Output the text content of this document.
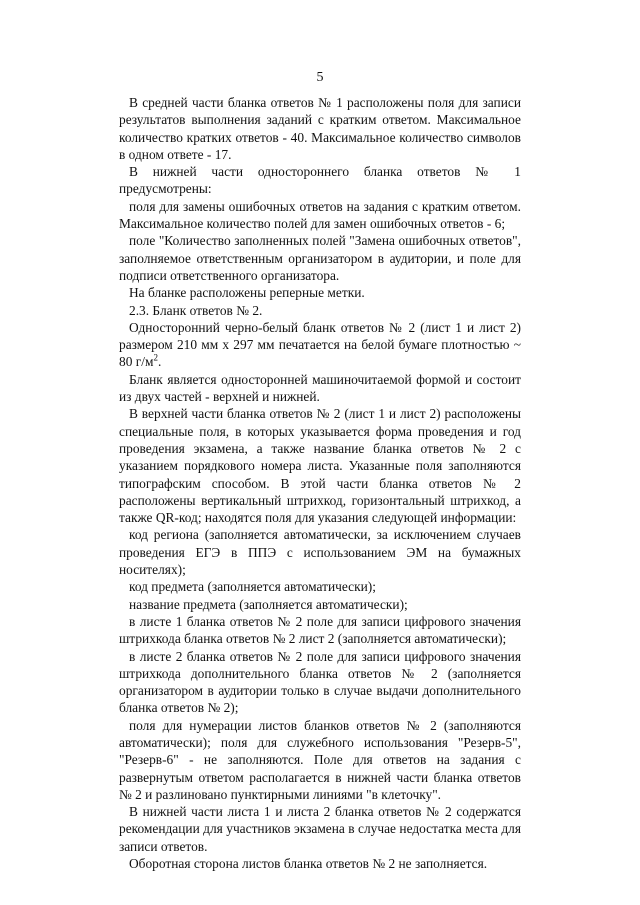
5

В средней части бланка ответов № 1 расположены поля для записи результатов выполнения заданий с кратким ответом. Максимальное количество кратких ответов - 40. Максимальное количество символов в одном ответе - 17.

В нижней части одностороннего бланка ответов № 1 предусмотрены:

поля для замены ошибочных ответов на задания с кратким ответом. Максимальное количество полей для замен ошибочных ответов - 6;

поле "Количество заполненных полей "Замена ошибочных ответов", заполняемое ответственным организатором в аудитории, и поле для подписи ответственного организатора.

На бланке расположены реперные метки.

2.3. Бланк ответов № 2.

Односторонний черно-белый бланк ответов № 2 (лист 1 и лист 2) размером 210 мм х 297 мм печатается на белой бумаге плотностью ~ 80 $г/м^2$.

Бланк является односторонней машиночитаемой формой и состоит из двух частей - верхней и нижней.

В верхней части бланка ответов № 2 (лист 1 и лист 2) расположены специальные поля, в которых указывается форма проведения и год проведения экзамена, а также название бланка ответов № 2 с указанием порядкового номера листа. Указанные поля заполняются типографским способом. В этой части бланка ответов № 2 расположены вертикальный штрихкод, горизонтальный штрихкод, а также QR-код; находятся поля для указания следующей информации:

код региона (заполняется автоматически, за исключением случаев проведения ЕГЭ в ППЭ с использованием ЭМ на бумажных носителях);

код предмета (заполняется автоматически);

название предмета (заполняется автоматически);

в листе 1 бланка ответов № 2 поле для записи цифрового значения штрихкода бланка ответов № 2 лист 2 (заполняется автоматически);

в листе 2 бланка ответов № 2 поле для записи цифрового значения штрихкода дополнительного бланка ответов № 2 (заполняется организатором в аудитории только в случае выдачи дополнительного бланка ответов № 2);

поля для нумерации листов бланков ответов № 2 (заполняются автоматически); поля для служебного использования "Резерв-5", "Резерв-6" - не заполняются. Поле для ответов на задания с развернутым ответом располагается в нижней части бланка ответов № 2 и разлиновано пунктирными линиями "в клеточку".

В нижней части листа 1 и листа 2 бланка ответов № 2 содержатся рекомендации для участников экзамена в случае недостатка места для записи ответов.

Оборотная сторона листов бланка ответов № 2 не заполняется.
